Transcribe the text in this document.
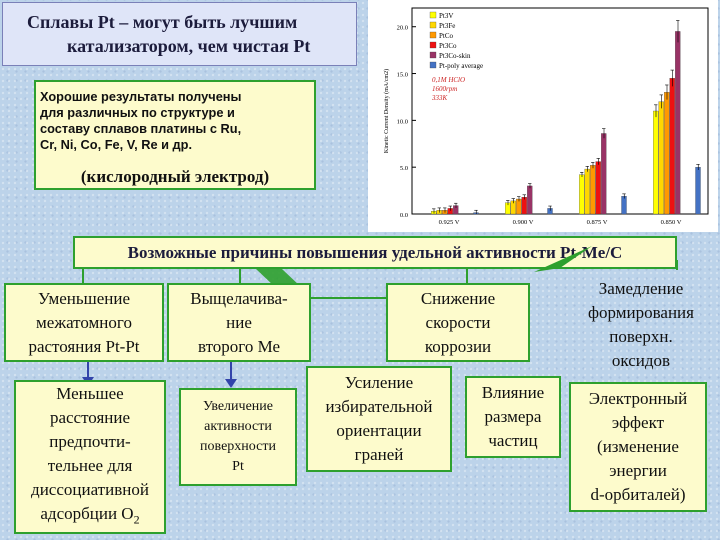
Сплавы Pt – могут быть лучшим
катализатором, чем чистая Pt
Хорошие результаты получены
для различных по структуре и
составу сплавов платины с Ru,
Cr, Ni, Co, Fe, V, Re и др.
(кислородный электрод)
0.0
5.0
10.0
15.0
20.0
Kinetic Current Density (mA/cm2)
0.925 V	0.900 V	0.875 V	0.850 V
Pt3V
Pt3Fe
PtCo
Pt3Co
Pt3Co-skin
Pt-poly average
0,1M HClO
1600rpm
333K
Возможные причины повышения удельной активности Pt-Me/C
Уменьшение
межатомного
растояния Pt-Pt
Выщелачива-
ние
второго Ме
Снижение
скорости
коррозии
Замедление
формирования
поверхн.
оксидов
Меньшее
расстояние
предпочти-
тельнее для
диссоциативной
адсорбции $O_2$
Увеличение
активности
поверхности
Pt
Усиление
избирательной
ориентации
граней
Влияние
размера
частиц
Электронный
эффект
(изменение
энергии
d-орбиталей)
